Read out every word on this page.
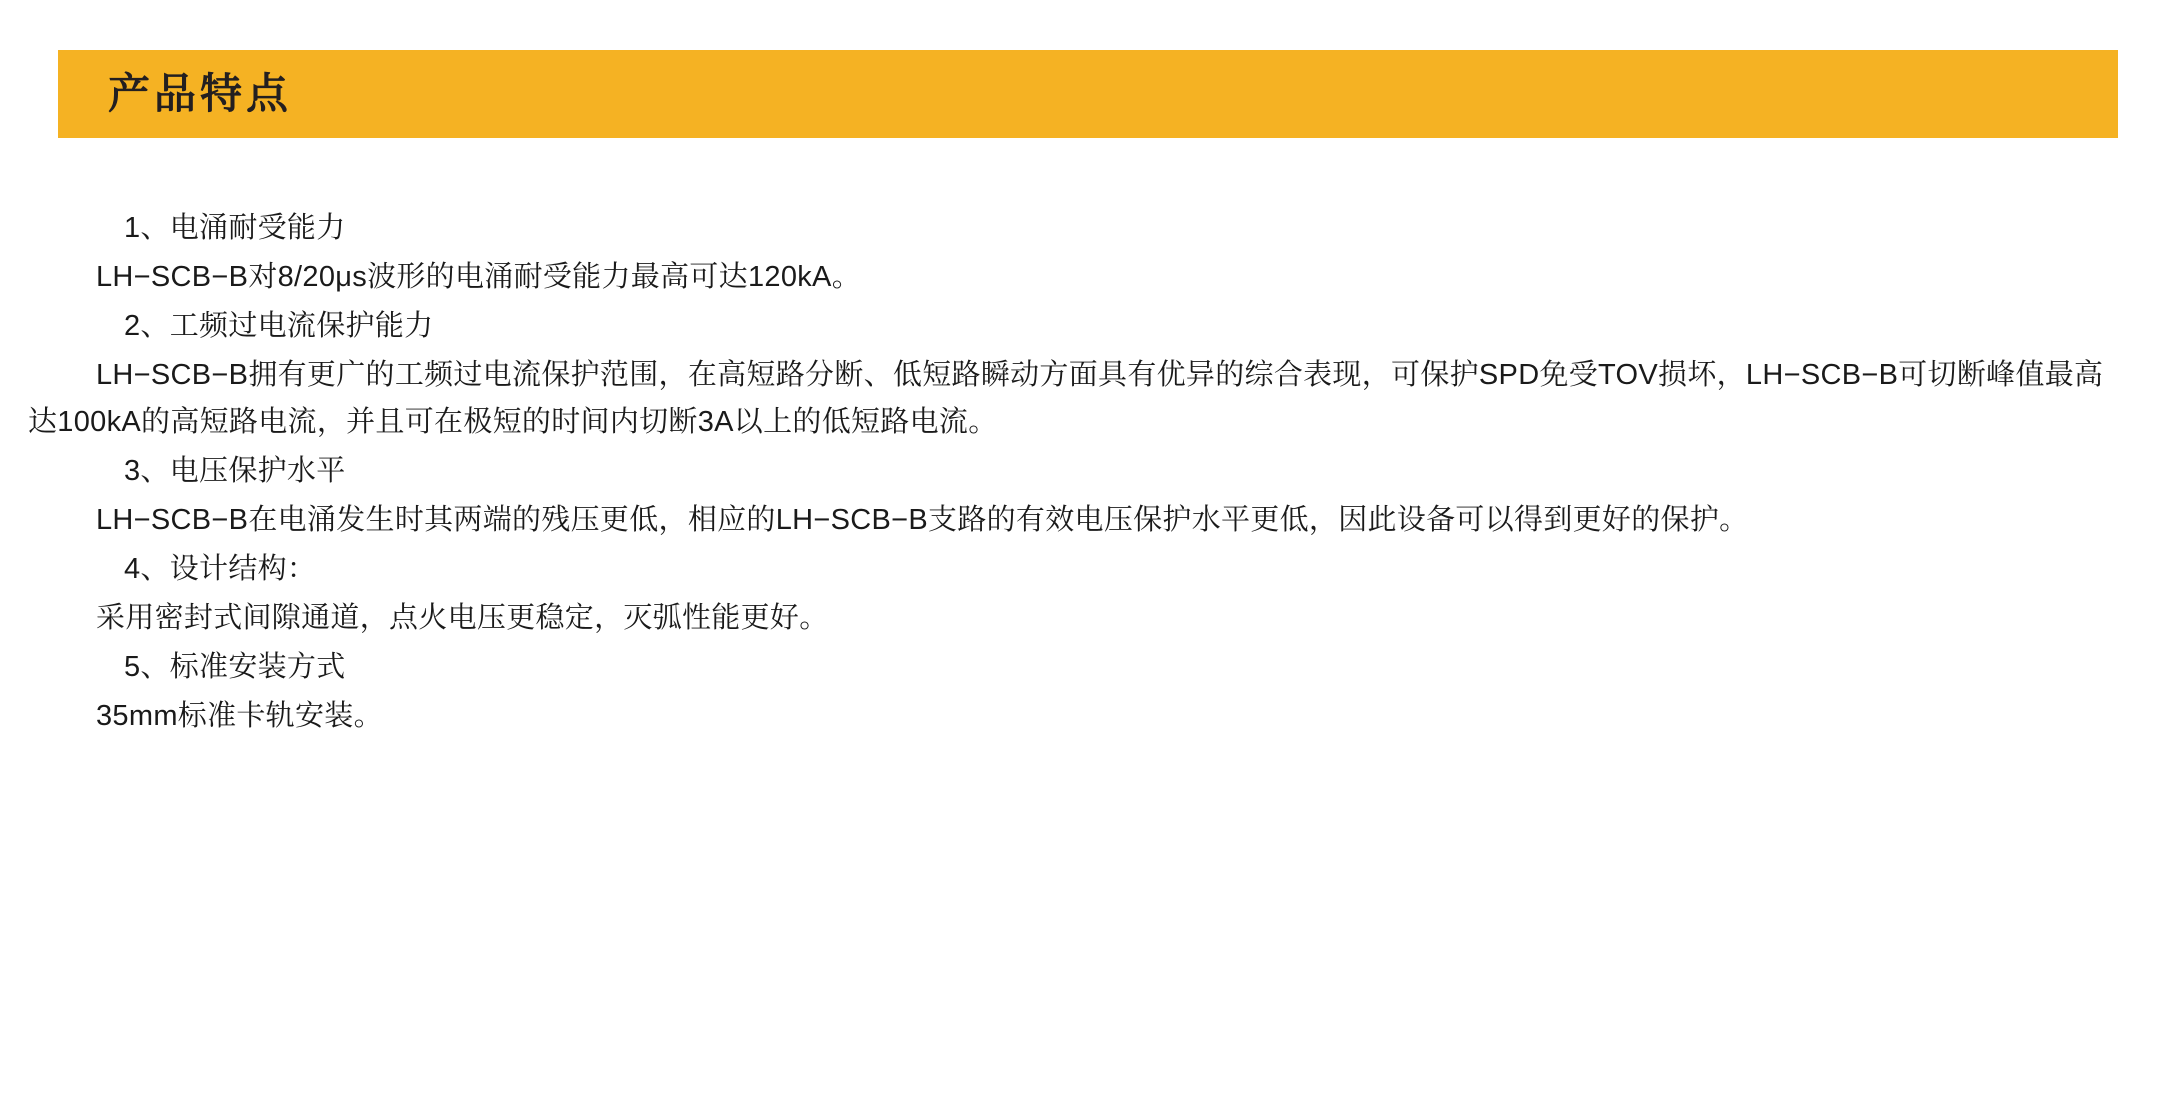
产品特点

1、电涌耐受能力

LH−SCB−B对8/20μs波形的电涌耐受能力最高可达120kA。

2、工频过电流保护能力

LH−SCB−B拥有更广的工频过电流保护范围，在高短路分断、低短路瞬动方面具有优异的综合表现，可保护SPD免受TOV损坏，LH−SCB−B可切断峰值最高达100kA的高短路电流，并且可在极短的时间内切断3A以上的低短路电流。

3、电压保护水平

LH−SCB−B在电涌发生时其两端的残压更低，相应的LH−SCB−B支路的有效电压保护水平更低，因此设备可以得到更好的保护。

4、设计结构：

采用密封式间隙通道，点火电压更稳定，灭弧性能更好。

5、标准安装方式

35mm标准卡轨安装。
